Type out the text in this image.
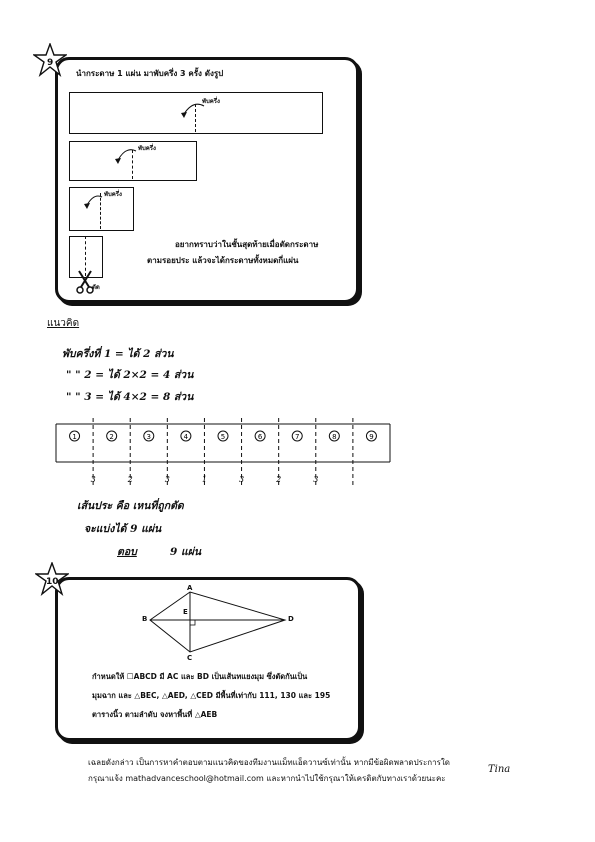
9
นำกระดาษ 1 แผ่น มาพับครึ่ง 3 ครั้ง ดังรูป
พับครึ่ง
พับครึ่ง
พับครึ่ง
ตัด
อยากทราบว่าในชั้นสุดท้ายเมื่อตัดกระดาษ
ตามรอยประ แล้วจะได้กระดาษทั้งหมดกี่แผ่น
แนวคิด
พับครึ่งที่ 1 = ได้ 2 ส่วน
" " 2 = ได้ 2×2 = 4 ส่วน
" " 3 = ได้ 4×2 = 8 ส่วน
1	2	3	4	5	6	7	8	9
3	2	3	1	3	2	3
เส้นประ คือ เหนที่ถูกตัด
จะแบ่งได้ 9 แผ่น
ตอบ	9 แผ่น
10
A
B
C
D
E
กำหนดให้ ☐ABCD มี AC และ BD เป็นเส้นทแยงมุม ซึ่งตัดกันเป็น
มุมฉาก และ △BEC, △AED, △CED มีพื้นที่เท่ากับ 111, 130 และ 195
ตารางนิ้ว ตามลำดับ จงหาพื้นที่ △AEB
เฉลยดังกล่าว เป็นการหาคำตอบตามแนวคิดของทีมงานแม็ทแอ็ดวานซ์เท่านั้น หากมีข้อผิดพลาดประการใด
กรุณาแจ้ง mathadvanceschool@hotmail.com และหากนำไปใช้กรุณาให้เครดิตกับทางเราด้วยนะคะ
Tina
